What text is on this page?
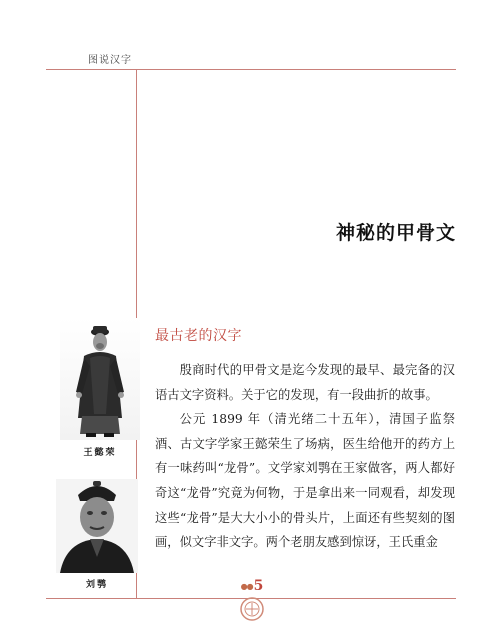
图说汉字
神秘的甲骨文
最古老的汉字

殷商时代的甲骨文是迄今发现的最早、最完备的汉语古文字资料。关于它的发现，有一段曲折的故事。

公元 1899 年（清光绪二十五年），清国子监祭酒、古文字学家王懿荣生了场病，医生给他开的药方上有一味药叫“龙骨”。文学家刘鹗在王家做客，两人都好奇这“龙骨”究竟为何物，于是拿出来一同观看，却发现这些“龙骨”是大大小小的骨头片，上面还有些契刻的图画，似文字非文字。两个老朋友感到惊讶，王氏重金

王懿荣
刘鹗	●● 5
